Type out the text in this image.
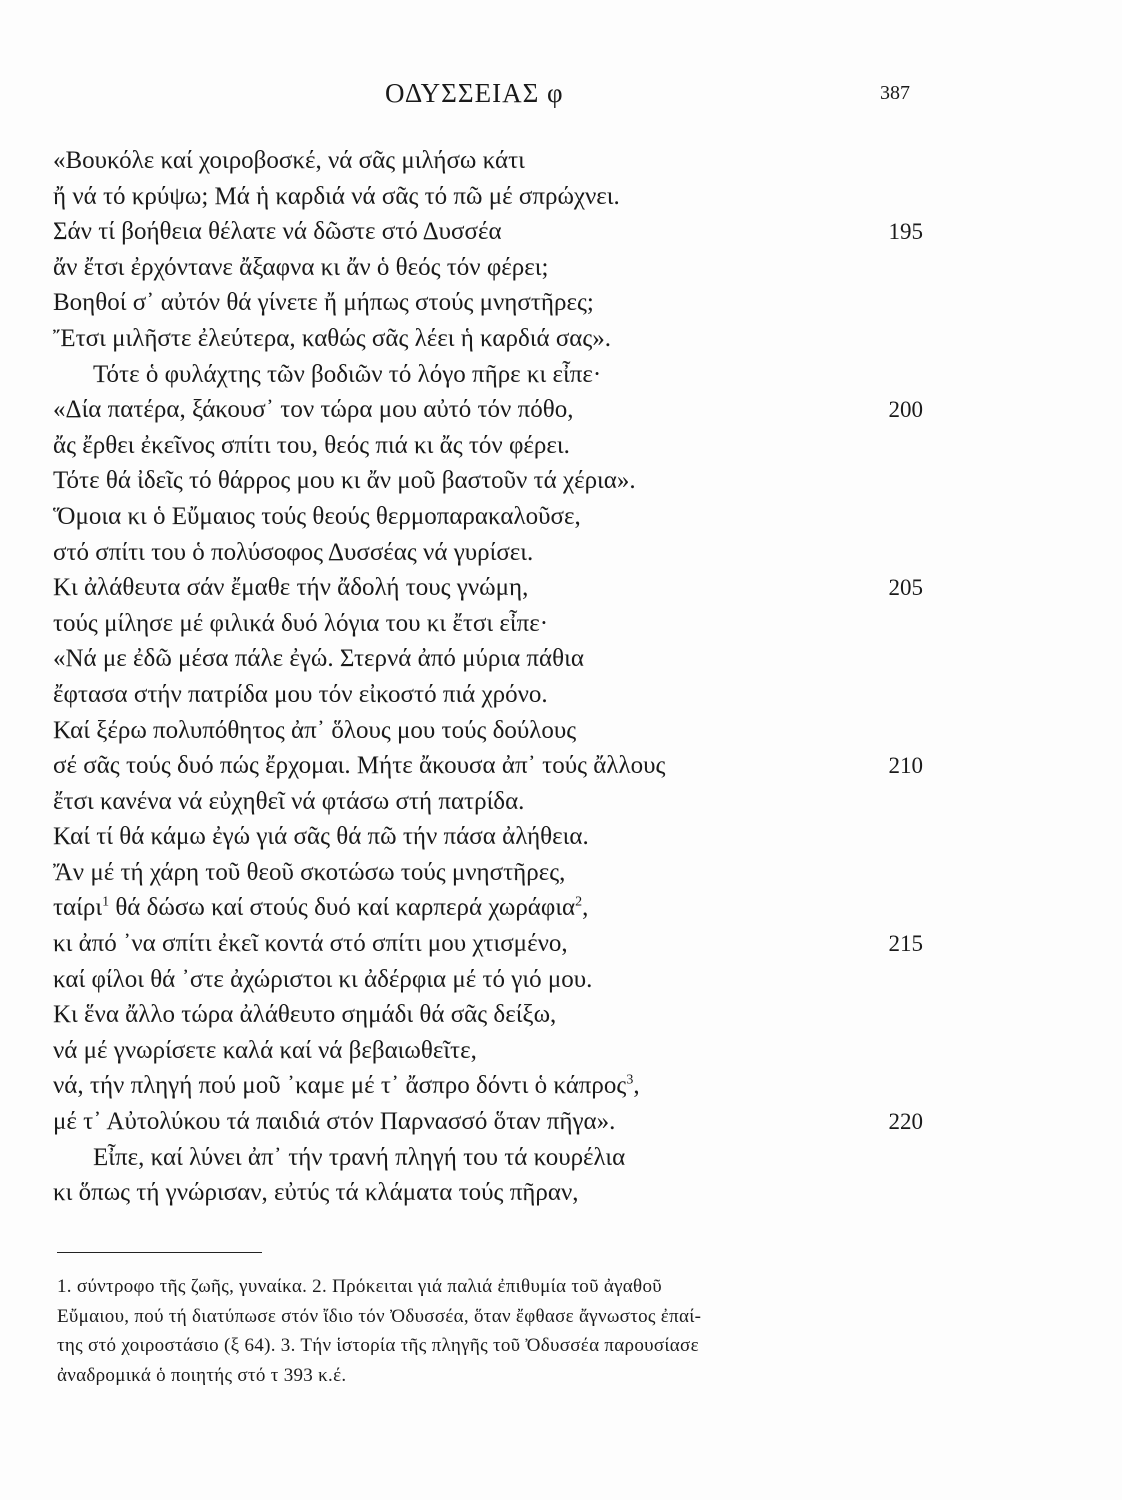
ΟΔΥΣΣΕΙΑΣ φ	387
«Βουκόλε καί χοιροβοσκέ, νά σᾶς μιλήσω κάτι
ἤ νά τό κρύψω; Μά ἡ καρδιά νά σᾶς τό πῶ μέ σπρώχνει.
Σάν τί βοήθεια θέλατε νά δῶστε στό Δυσσέα	195
ἄν ἔτσι ἐρχόντανε ἄξαφνα κι ἄν ὁ θεός τόν φέρει;
Βοηθοί σ᾽ αὐτόν θά γίνετε ἤ μήπως στούς μνηστῆρες;
Ἔτσι μιλῆστε ἐλεύτερα, καθώς σᾶς λέει ἡ καρδιά σας».
Τότε ὁ φυλάχτης τῶν βοδιῶν τό λόγο πῆρε κι εἶπε·
«Δία πατέρα, ξάκουσ᾽ τον τώρα μου αὐτό τόν πόθο,	200
ἄς ἔρθει ἐκεῖνος σπίτι του, θεός πιά κι ἄς τόν φέρει.
Τότε θά ἰδεῖς τό θάρρος μου κι ἄν μοῦ βαστοῦν τά χέρια».
Ὅμοια κι ὁ Εὔμαιος τούς θεούς θερμοπαρακαλοῦσε,
στό σπίτι του ὁ πολύσοφος Δυσσέας νά γυρίσει.
Κι ἀλάθευτα σάν ἔμαθε τήν ἄδολή τους γνώμη,	205
τούς μίλησε μέ φιλικά δυό λόγια του κι ἔτσι εἶπε·
«Νά με ἐδῶ μέσα πάλε ἐγώ. Στερνά ἀπό μύρια πάθια
ἔφτασα στήν πατρίδα μου τόν εἰκοστό πιά χρόνο.
Καί ξέρω πολυπόθητος ἀπ᾽ ὅλους μου τούς δούλους
σέ σᾶς τούς δυό πώς ἔρχομαι. Μήτε ἄκουσα ἀπ᾽ τούς ἄλλους	210
ἔτσι κανένα νά εὐχηθεῖ νά φτάσω στή πατρίδα.
Καί τί θά κάμω ἐγώ γιά σᾶς θά πῶ τήν πάσα ἀλήθεια.
Ἄν μέ τή χάρη τοῦ θεοῦ σκοτώσω τούς μνηστῆρες,
ταίρι$^1$ θά δώσω καί στούς δυό καί καρπερά χωράφια$^2$,
κι ἀπό ᾽να σπίτι ἐκεῖ κοντά στό σπίτι μου χτισμένο,	215
καί φίλοι θά ᾽στε ἀχώριστοι κι ἀδέρφια μέ τό γιό μου.
Κι ἕνα ἄλλο τώρα ἀλάθευτο σημάδι θά σᾶς δείξω,
νά μέ γνωρίσετε καλά καί νά βεβαιωθεῖτε,
νά, τήν πληγή πού μοῦ ᾽καμε μέ τ᾽ ἄσπρο δόντι ὁ κάπρος$^3$,
μέ τ᾽ Αὐτολύκου τά παιδιά στόν Παρνασσό ὅταν πῆγα».	220
Εἶπε, καί λύνει ἀπ᾽ τήν τρανή πληγή του τά κουρέλια
κι ὅπως τή γνώρισαν, εὐτύς τά κλάματα τούς πῆραν,
1. σύντροφο τῆς ζωῆς, γυναίκα. 2. Πρόκειται γιά παλιά ἐπιθυμία τοῦ ἀγαθοῦ
Εὔμαιου, πού τή διατύπωσε στόν ἴδιο τόν Ὀδυσσέα, ὅταν ἔφθασε ἄγνωστος ἐπαί-
της στό χοιροστάσιο (ξ 64). 3. Τήν ἱστορία τῆς πληγῆς τοῦ Ὀδυσσέα παρουσίασε
ἀναδρομικά ὁ ποιητής στό τ 393 κ.έ.
